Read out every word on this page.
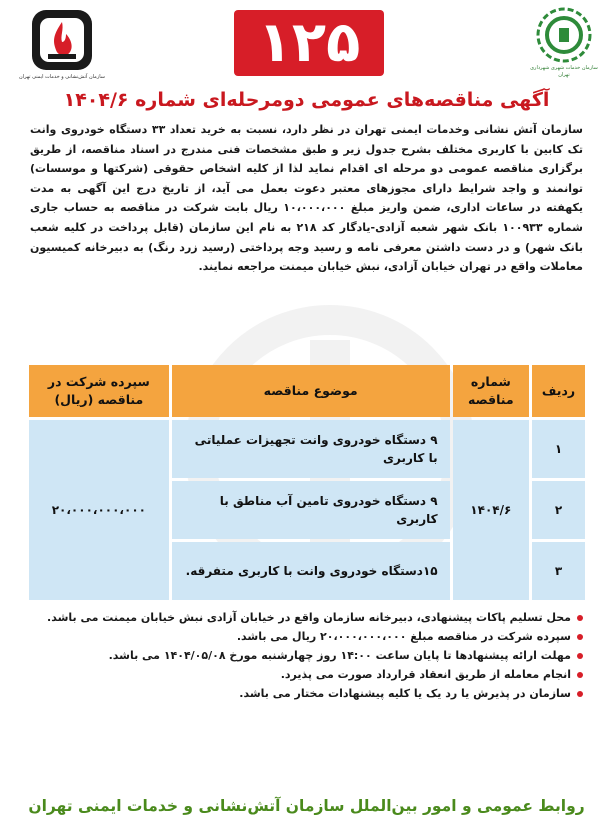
سازمان آتش‌نشانی و خدمات ایمنی تهران
۱۲۵	سازمان خدمات شهری شهرداری تهران
آگهی مناقصه‌های عمومی دومرحله‌ای شماره ۱۴۰۴/۶

سازمان آتش نشانی وخدمات ایمنی تهران در نظر دارد، نسبت به خرید تعداد ۳۳ دستگاه خودروی وانت تک کابین با کاربری مختلف بشرح جدول زیر و طبق مشخصات فنی مندرج در اسناد مناقصه، از طریق برگزاری مناقصه عمومی دو مرحله ای اقدام نماید لذا از کلیه اشخاص حقوقی (شرکتها و موسسات) توانمند و واجد شرایط دارای مجوزهای معتبر دعوت بعمل می آید، از تاریخ درج این آگهی به مدت یکهفته در ساعات اداری، ضمن واریز مبلغ ۱۰،۰۰۰،۰۰۰ ریال بابت شرکت در مناقصه به حساب جاری شماره ۱۰۰۹۳۳ بانک شهر شعبه آزادی-یادگار کد ۲۱۸ به نام این سازمان (قابل پرداخت در کلیه شعب بانک شهر) و در دست داشتن معرفی نامه و رسید وجه پرداختی (رسید زرد رنگ) به دبیرخانه کمیسیون معاملات واقع در تهران خیابان آزادی، نبش خیابان میمنت مراجعه نمایند.

ردیف	شماره مناقصه	موضوع مناقصه	سپرده شرکت در مناقصه (ریال)
۱	۱۴۰۴/۶	۹ دستگاه خودروی وانت تجهیزات عملیاتی با کاربری	۲۰،۰۰۰،۰۰۰،۰۰۰
۲		۹ دستگاه خودروی تامین آب مناطق با کاربری	
۳		۱۵دستگاه خودروی وانت با کاربری متفرقه.	
محل تسلیم پاکات پیشنهادی، دبیرخانه سازمان واقع در خیابان آزادی نبش خیابان میمنت می باشد.
سپرده شرکت در مناقصه مبلغ ۲۰،۰۰۰،۰۰۰،۰۰۰ ریال می باشد.
مهلت ارائه پیشنهادها تا پایان ساعت ۱۴:۰۰ روز چهارشنبه مورخ ۱۴۰۴/۰۵/۰۸ می باشد.
انجام معامله از طریق انعقاد قرارداد صورت می پذیرد.
سازمان در پذیرش یا رد یک یا کلیه پیشنهادات مختار می باشد.
روابط عمومی و امور بین‌الملل سازمان آتش‌نشانی و خدمات ایمنی تهران
